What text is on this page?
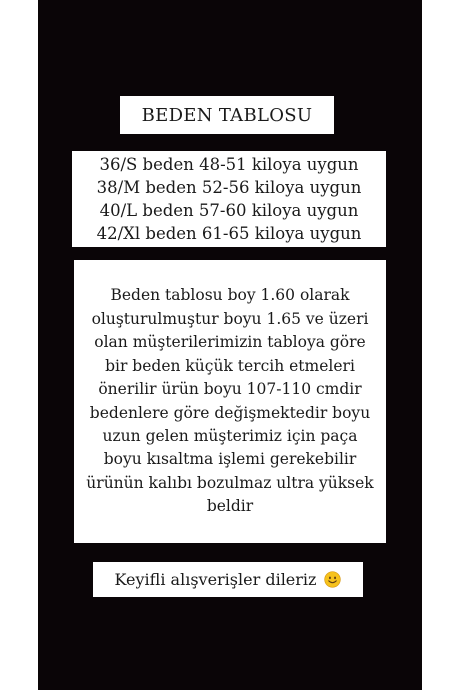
BEDEN TABLOSU
36/S beden 48-51 kiloya uygun
38/M beden 52-56 kiloya uygun
40/L beden 57-60 kiloya uygun
42/Xl beden 61-65 kiloya uygun
Beden tablosu boy 1.60 olarak oluşturulmuştur boyu 1.65 ve üzeri olan müşterilerimizin tabloya göre bir beden küçük tercih etmeleri önerilir ürün boyu 107-110 cmdir bedenlere göre değişmektedir boyu uzun gelen müşterimiz için paça boyu kısaltma işlemi gerekebilir ürünün kalıbı bozulmaz ultra yüksek beldir
Keyifli alışverişler dileriz
